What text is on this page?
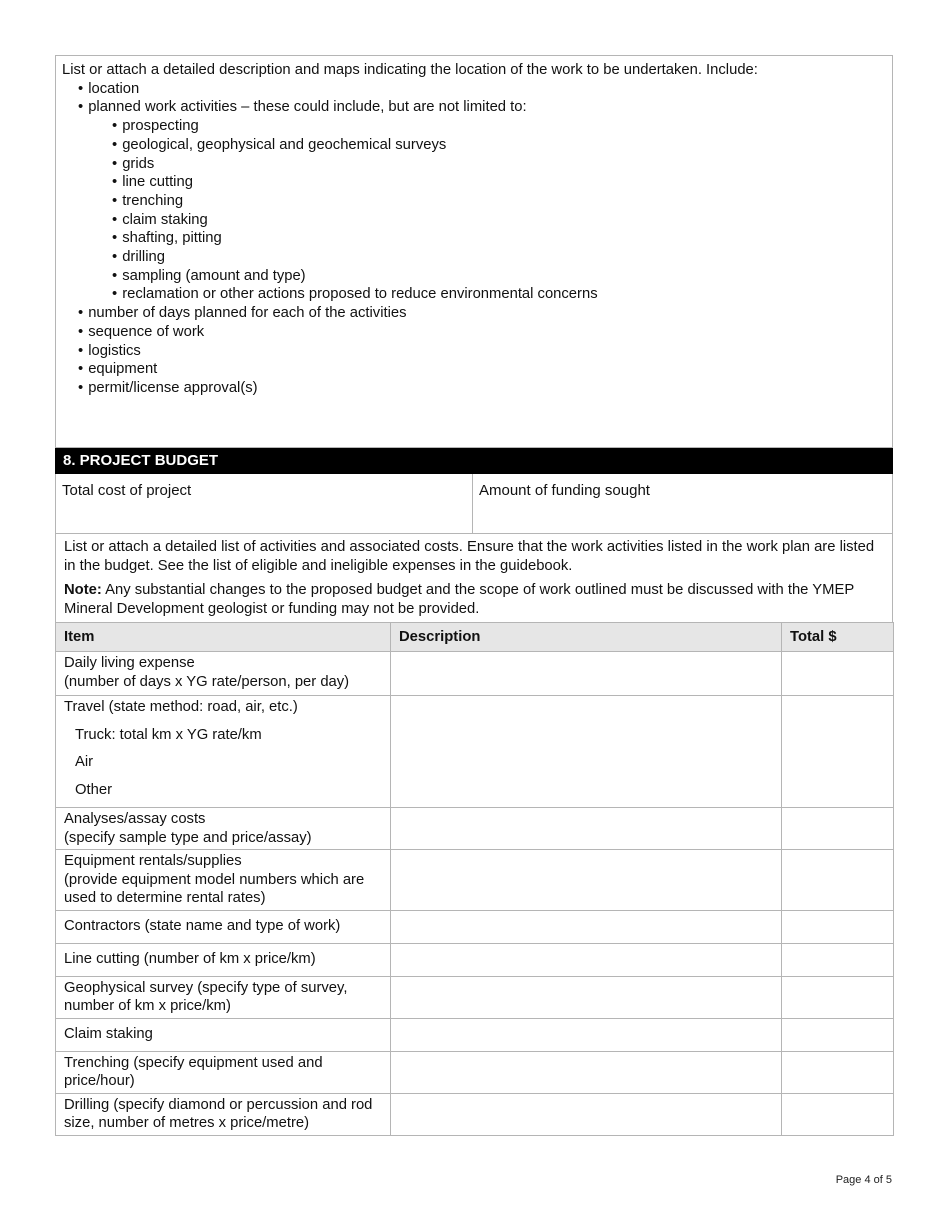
List or attach a detailed description and maps indicating the location of the work to be undertaken. Include:
• location
• planned work activities – these could include, but are not limited to:
• prospecting
• geological, geophysical and geochemical surveys
• grids
• line cutting
• trenching
• claim staking
• shafting, pitting
• drilling
• sampling (amount and type)
• reclamation or other actions proposed to reduce environmental concerns
• number of days planned for each of the activities
• sequence of work
• logistics
• equipment
• permit/license approval(s)
8. PROJECT BUDGET
Total cost of project	Amount of funding sought

List or attach a detailed list of activities and associated costs. Ensure that the work activities listed in the work plan are listed in the budget. See the list of eligible and ineligible expenses in the guidebook.

Note: Any substantial changes to the proposed budget and the scope of work outlined must be discussed with the YMEP Mineral Development geologist or funding may not be provided.

Item	Description	Total $

Daily living expense
(number of days x YG rate/person, per day)		

Travel (state method: road, air, etc.)
Truck: total km x YG rate/km
Air
Other		

Analyses/assay costs
(specify sample type and price/assay)		

Equipment rentals/supplies
(provide equipment model numbers which are used to determine rental rates)		

Contractors (state name and type of work)		

Line cutting (number of km x price/km)		

Geophysical survey (specify type of survey, number of km x price/km)		

Claim staking		

Trenching (specify equipment used and price/hour)		

Drilling (specify diamond or percussion and rod size, number of metres x price/metre)		

Page 4 of 5
